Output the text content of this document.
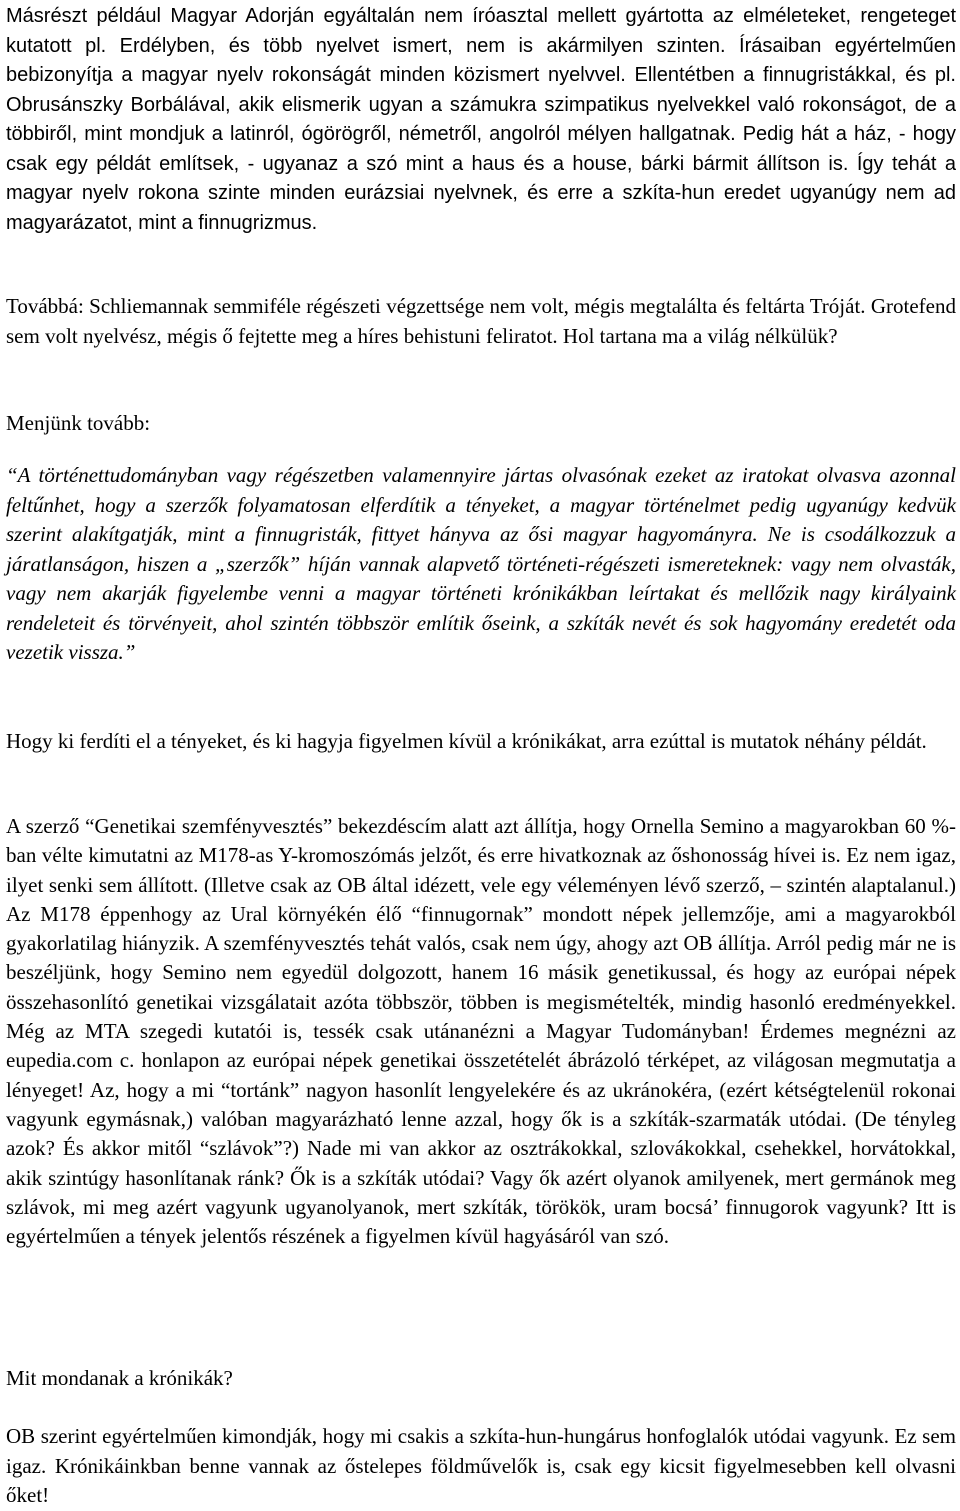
Másrészt például Magyar Adorján egyáltalán nem íróasztal mellett gyártotta az elméleteket, rengeteget kutatott pl. Erdélyben, és több nyelvet ismert, nem is akármilyen szinten. Írásaiban egyértelműen bebizonyítja a magyar nyelv rokonságát minden közismert nyelvvel. Ellentétben a finnugristákkal, és pl. Obrusánszky Borbálával, akik elismerik ugyan a számukra szimpatikus nyelvekkel való rokonságot, de a többiről, mint mondjuk a latinról, ógörögről, németről, angolról mélyen hallgatnak. Pedig hát a ház, - hogy csak egy példát említsek, - ugyanaz a szó mint a haus és a house, bárki bármit állítson is. Így tehát a magyar nyelv rokona szinte minden eurázsiai nyelvnek, és erre a szkíta-hun eredet ugyanúgy nem ad magyarázatot, mint a finnugrizmus.

Továbbá: Schliemannak semmiféle régészeti végzettsége nem volt, mégis megtalálta és feltárta Tróját. Grotefend sem volt nyelvész, mégis ő fejtette meg a híres behistuni feliratot. Hol tartana ma a világ nélkülük?

Menjünk tovább:

“A történettudományban vagy régészetben valamennyire jártas olvasónak ezeket az iratokat olvasva azonnal feltűnhet, hogy a szerzők folyamatosan elferdítik a tényeket, a magyar történelmet pedig ugyanúgy kedvük szerint alakítgatják, mint a finnugristák, fittyet hányva az ősi magyar hagyományra. Ne is csodálkozzuk a járatlanságon, hiszen a „szerzők” híján vannak alapvető történeti-régészeti ismereteknek: vagy nem olvasták, vagy nem akarják figyelembe venni a magyar történeti krónikákban leírtakat és mellőzik nagy királyaink rendeleteit és törvényeit, ahol szintén többször említik őseink, a szkíták nevét és sok hagyomány eredetét oda vezetik vissza.”

Hogy ki ferdíti el a tényeket, és ki hagyja figyelmen kívül a krónikákat, arra ezúttal is mutatok néhány példát.

A szerző “Genetikai szemfényvesztés” bekezdéscím alatt azt állítja, hogy Ornella Semino a magyarokban 60 %-ban vélte kimutatni az M178-as Y-kromoszómás jelzőt, és erre hivatkoznak az őshonosság hívei is. Ez nem igaz, ilyet senki sem állított. (Illetve csak az OB által idézett, vele egy véleményen lévő szerző, – szintén alaptalanul.) Az M178 éppenhogy az Ural környékén élő “finnugornak” mondott népek jellemzője, ami a magyarokból gyakorlatilag hiányzik. A szemfényvesztés tehát valós, csak nem úgy, ahogy azt OB állítja. Arról pedig már ne is beszéljünk, hogy Semino nem egyedül dolgozott, hanem 16 másik genetikussal, és hogy az európai népek összehasonlító genetikai vizsgálatait azóta többször, többen is megismételték, mindig hasonló eredményekkel. Még az MTA szegedi kutatói is, tessék csak utánanézni a Magyar Tudományban! Érdemes megnézni az eupedia.com c. honlapon az európai népek genetikai összetételét ábrázoló térképet, az világosan megmutatja a lényeget! Az, hogy a mi “tortánk” nagyon hasonlít lengyelekére és az ukránokéra, (ezért kétségtelenül rokonai vagyunk egymásnak,) valóban magyarázható lenne azzal, hogy ők is a szkíták-szarmaták utódai. (De tényleg azok? És akkor mitől “szlávok”?) Nade mi van akkor az osztrákokkal, szlovákokkal, csehekkel, horvátokkal, akik szintúgy hasonlítanak ránk? Ők is a szkíták utódai? Vagy ők azért olyanok amilyenek, mert germánok meg szlávok, mi meg azért vagyunk ugyanolyanok, mert szkíták, törökök, uram bocsá’ finnugorok vagyunk? Itt is egyértelműen a tények jelentős részének a figyelmen kívül hagyásáról van szó.

Mit mondanak a krónikák?

OB szerint egyértelműen kimondják, hogy mi csakis a szkíta-hun-hungárus honfoglalók utódai vagyunk. Ez sem igaz. Krónikáinkban benne vannak az őstelepes földművelők is, csak egy kicsit figyelmesebben kell olvasni őket!
